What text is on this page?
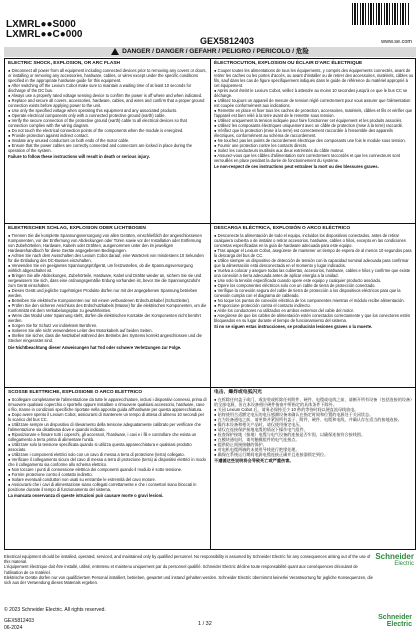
LXMRL●●S000
LXMRL●●C●000
GEX5812403	www.se.com
DANGER / DANGER / GEFAHR / PELIGRO / PERICOLO / 危险
ELECTRIC SHOCK, EXPLOSION, OR ARC FLASH

● Disconnect all power from all equipment including connected devices prior to removing any covers or doors, or installing or removing any accessories, hardware, cables, or wires except under the specific conditions specified in the appropriate hardware guide for this equipment.

● After switching off the Lexium Cobot make sure to maintain a waiting time of at least 10 seconds for discharge of the DC bus.

● Always use a properly rated voltage sensing device to confirm the power is off where and when indicated.

● Replace and secure all covers, accessories, hardware, cables, and wires and confirm that a proper ground connection exists before applying power to the unit.

● Use only the specified voltage when operating this equipment and any associated products.

● Operate electrical components only with a connected protective ground (earth) cable.

● Verify the secure connection of the protective ground (earth) cable to all electrical devices so that connection complies with the wiring diagram.

● Do not touch the electrical connection points of the components when the module is energized.

● Provide protection against indirect contact.

● Insulate any unused conductors on both ends of the motor cable.

● Ensure that the power cables are correctly connected and connectors are locked in place during the operation of the system.

Failure to follow these instructions will result in death or serious injury.

ÉLECTROCUTION, EXPLOSION OU ÉCLAIR D'ARC ÉLECTRIQUE

● Couper toutes les alimentations de tous les équipements, y compris des équipements connectés, avant de retirer les caches ou les portes d'accès, ou avant d'installer ou de retirer des accessoires, matériels, câbles ou fils, sauf dans les cas de figure spécifiquement indiqués dans le guide de référence du matériel approprié à cet équipement.

● Après avoir éteint le Lexium Cobot, veillez à attendre au moins 10 secondes jusqu'à ce que le bus CC se décharge.

● Utilisez toujours un appareil de mesure de tension réglé correctement pour vous assurer que l'alimentation est coupée conformément aux indications.

● Remettre en place et fixer tous les caches de protection, accessoires, matériels, câbles et fils et vérifier que l'appareil est bien relié à la terre avant de le remettre sous tension.

● Utilisez uniquement la tension indiquée pour faire fonctionner cet équipement et les produits associés.

● Utilisez les composants électriques uniquement avec un câble de protection (mise à la terre) raccordé.

● Vérifiez que la protection (mise à la terre) est correctement raccordée à l'ensemble des appareils électriques, conformément au schéma de raccordement.

● Ne touchez pas les points de raccordement électrique des composants une fois le module sous tension.

● Fournir une protection contre les contacts directs.

● Isolez les conducteurs inutilisés aux deux extrémités du câble moteur.

● Assurez-vous que les câbles d'alimentation sont correctement raccordés et que les connecteurs sont verrouillés en place pendant la durée de fonctionnement du système.

Le non-respect de ces instructions peut entraîner la mort ou des blessures graves.

ELEKTRISCHER SCHLAG, EXPLOSION ODER LICHTBOGEN

● Trennen Sie die komplette Spannungsversorgung von allen Geräten, einschließlich der angeschlossenen Komponenten, vor der Entfernung von Abdeckungen oder Türen sowie vor der Installation oder Entfernung von Zubehörteilen, Hardware, Kabeln oder Drähten, ausgenommen unter den im jeweiligen Hardwarehandbuch für diese Geräte angegebenen Bedingungen.

● Achten Sie nach dem Ausschalten des Lexium Cobot darauf, eine Wartezeit von mindestens 10 Sekunden für die Entladung des DC-Busses einzuhalten.

● Verwenden Sie ein geeignetes Spannungsprüfgerät, um festzustellen, ob die Spannungsversorgung wirklich abgeschaltet ist.

● Bringen Sie alle Abdeckungen, Zubehörteile, Hardware, Kabel und Drähte wieder an, sichern Sie sie und vergewissern Sie sich, dass eine ordnungsgemäße Erdung vorhanden ist, bevor Sie die Spannungszufuhr zum Gerät einschalten.

● Dieses Gerät und jegliche zugehörigen Produkte dürfen nur mit der angegebenen Spannung betrieben werden.

● Betreiben Sie elektrische Komponenten nur mit einem verbundenen Erdschutzkabel (Schutzleiter).

● Prüfen Sie den sicheren Anschluss des Erdschutzkabels (Masse) für die elektrischen Komponenten, um die Konformität mit dem Verkabelungsplan zu gewährleisten.

● Wenn das Modul unter Spannung steht, dürfen die elektrischen Kontakte der Komponenten nicht berührt werden.

● Sorgen Sie für Schutz vor indirektem Berühren.

● Isolieren Sie alle nicht verwendeten Leiter des Motorkabels auf beiden Seiten.

● Stellen Sie sicher, dass die Netzkabel während des Betriebs des Systems korrekt angeschlossen und die Stecker eingerastet sind.

Die Nichtbeachtung dieser Anweisungen hat Tod oder schwere Verletzungen zur Folge.

DESCARGA ELÉCTRICA, EXPLOSIÓN O ARCO ELÉCTRICO

● Desconecte la alimentación de todo el equipo, incluidos los dispositivos conectados, antes de retirar cualquiera cubierta o de instalar o retirar accesorios, hardware, cables o hilos, excepto en las condiciones concretas especificadas en la guía de hardware adecuada para este equipo.

● Tras apagar el Lexium Cobot, asegúrese de mantener un tiempo de espera de al menos 10 segundos para la descarga del bus de CC.

● Utilice siempre un dispositivo de detección de tensión con la capacidad nominal adecuada para confirmar que la alimentación está desconectada en el momento y lugar indicados.

● Vuelva a colocar y asegure todas las cubiertas, accesorios, hardware, cables e hilos y confirme que existe una conexión a tierra adecuada antes de aplicar energía a la unidad.

● Use solo la tensión especificada cuando opere este equipo y cualquier producto asociado.

● Opere los componentes eléctricos solo con un cable de tierra de protección conectado.

● Verifique la conexión segura del cable de tierra de protección a los dispositivos eléctricos para que la conexión cumpla con el diagrama de cableado.

● No toque los puntos de conexión eléctrica de los componentes mientras el módulo recibe alimentación.

● Proporcione protección contra el contacto indirecto.

● Aísle los conductores no utilizados en ambos extremos del cable del motor.

● Asegúrese de que los cables de alimentación estén conectados correctamente y que los conectores estén bloqueados en su lugar durante el tiempo de funcionamiento del sistema.

Si no se siguen estas instrucciones, se producirán lesiones graves o la muerte.

SCOSSE ELETTRICHE, ESPLOSIONE O ARCO ELETTRICO

● Scollegare completamente l'alimentazione da tutte le apparecchiature, inclusi i dispositivi connessi, prima di rimuovere qualsiasi coperchio o sportello oppure installare o rimuovere qualsiasi accessorio, hardware, cavo o filo, tranne in condizioni specifiche riportate nella apposita guida all'hardware per questa apparecchiatura.

● Dopo avere spento il Lexium Cobot, assicurarsi di mantenere un tempo di attesa di almeno 10 secondi per lo scarico del bus CC.

● Utilizzare sempre un dispositivo di rilevamento della tensione adeguatamente calibrato per verificare che l'alimentazione sia disattivata dove e quando indicato.

● Riposizionare e fissare tutti i coperchi, gli accessori, l'hardware, i cavi e i fili e controllare che esista un collegamento a terra prima di alimentare l'unità.

● Utilizzare solo la tensione specificata quando si utilizza questa apparecchiatura e qualsiasi prodotto associato.

● Utilizzare i componenti elettrici solo con un cavo di messa a terra di protezione (terra) collegato.

● Verificare il collegamento sicuro del cavo di messa a terra di protezione (terra) ai dispositivi elettrici in modo che il collegamento sia conforme allo schema elettrico.

● Non toccare i punti di connessione elettrica dei componenti quando il modulo è sotto tensione.

● Fornire protezione contro il contatto indiretto.

● Isolare eventuali conduttori non usati su entrambe le estremità del cavo motore.

● Assicurarsi che i cavi di alimentazione siano collegati correttamente e che i connettori siano bloccati in posizione durante il tempo di funzionamento del sistema.

La mancata osservanza di queste istruzioni può causare morte o gravi lesioni.

电击、爆炸或电弧闪光

● 在拆除任何盖子或门，或安装或拆除任何附件、硬件、电缆或电线之前，请断开所有设备（包括连接的设备）的全部电源，但在本设备相应硬件指南中所指定的具体条件下除外。

● 关闭 Lexium Cobot 后，请务必保持至少 10 秒的等待时间以便直流母线放电。

● 始终使用合适额定电压的电压感测设备来确认在指定时间和位置的电源处于关闭状态。

● 在为设备通电之前，请更换并紧固所有盖子、附件、硬件、电缆和电线，并确认存在适当的接地连接。

● 操作本设备和相关产品时，请仅使用指定电压。

● 请仅在连接保护接地电缆的情况下操作电气组件。

● 检查保护接地（接地）电缆与电气设备的连接是否牢固，以确保连接符合接线图。

● 在模块通电时，请勿触摸组件的电气连接点。

● 提供防止间接接触的保护。

● 对电机电缆两端的未使用导线进行绝缘处理。

● 确保在系统运行期间电源电缆连接正确并且连接器锁定到位。

不遵循这些说明将会导致死亡或严重伤害。

Electrical equipment should be installed, operated, serviced, and maintained only by qualified personnel. No responsibility is assumed by Schneider Electric for any consequences arising out of the use of this material.

L'équipement électrique doit être installé, utilisé, entretenu et maintenu uniquement par du personnel qualifié. Schneider Electric décline toute responsabilité quant aux conséquences découlant de l'utilisation de ce matériel.

Elektrische Geräte dürfen nur von qualifiziertem Personal installiert, betrieben, gewartet und instand gehalten werden. Schneider Electric übernimmt keinerlei Verantwortung für jegliche Konsequenzen, die sich aus der Verwendung dieses Materials ergeben.

Schneider
Electric
© 2023 Schneider Electric. All rights reserved.
GEX5812403
06-2024
1 / 32
Schneider
Electric
